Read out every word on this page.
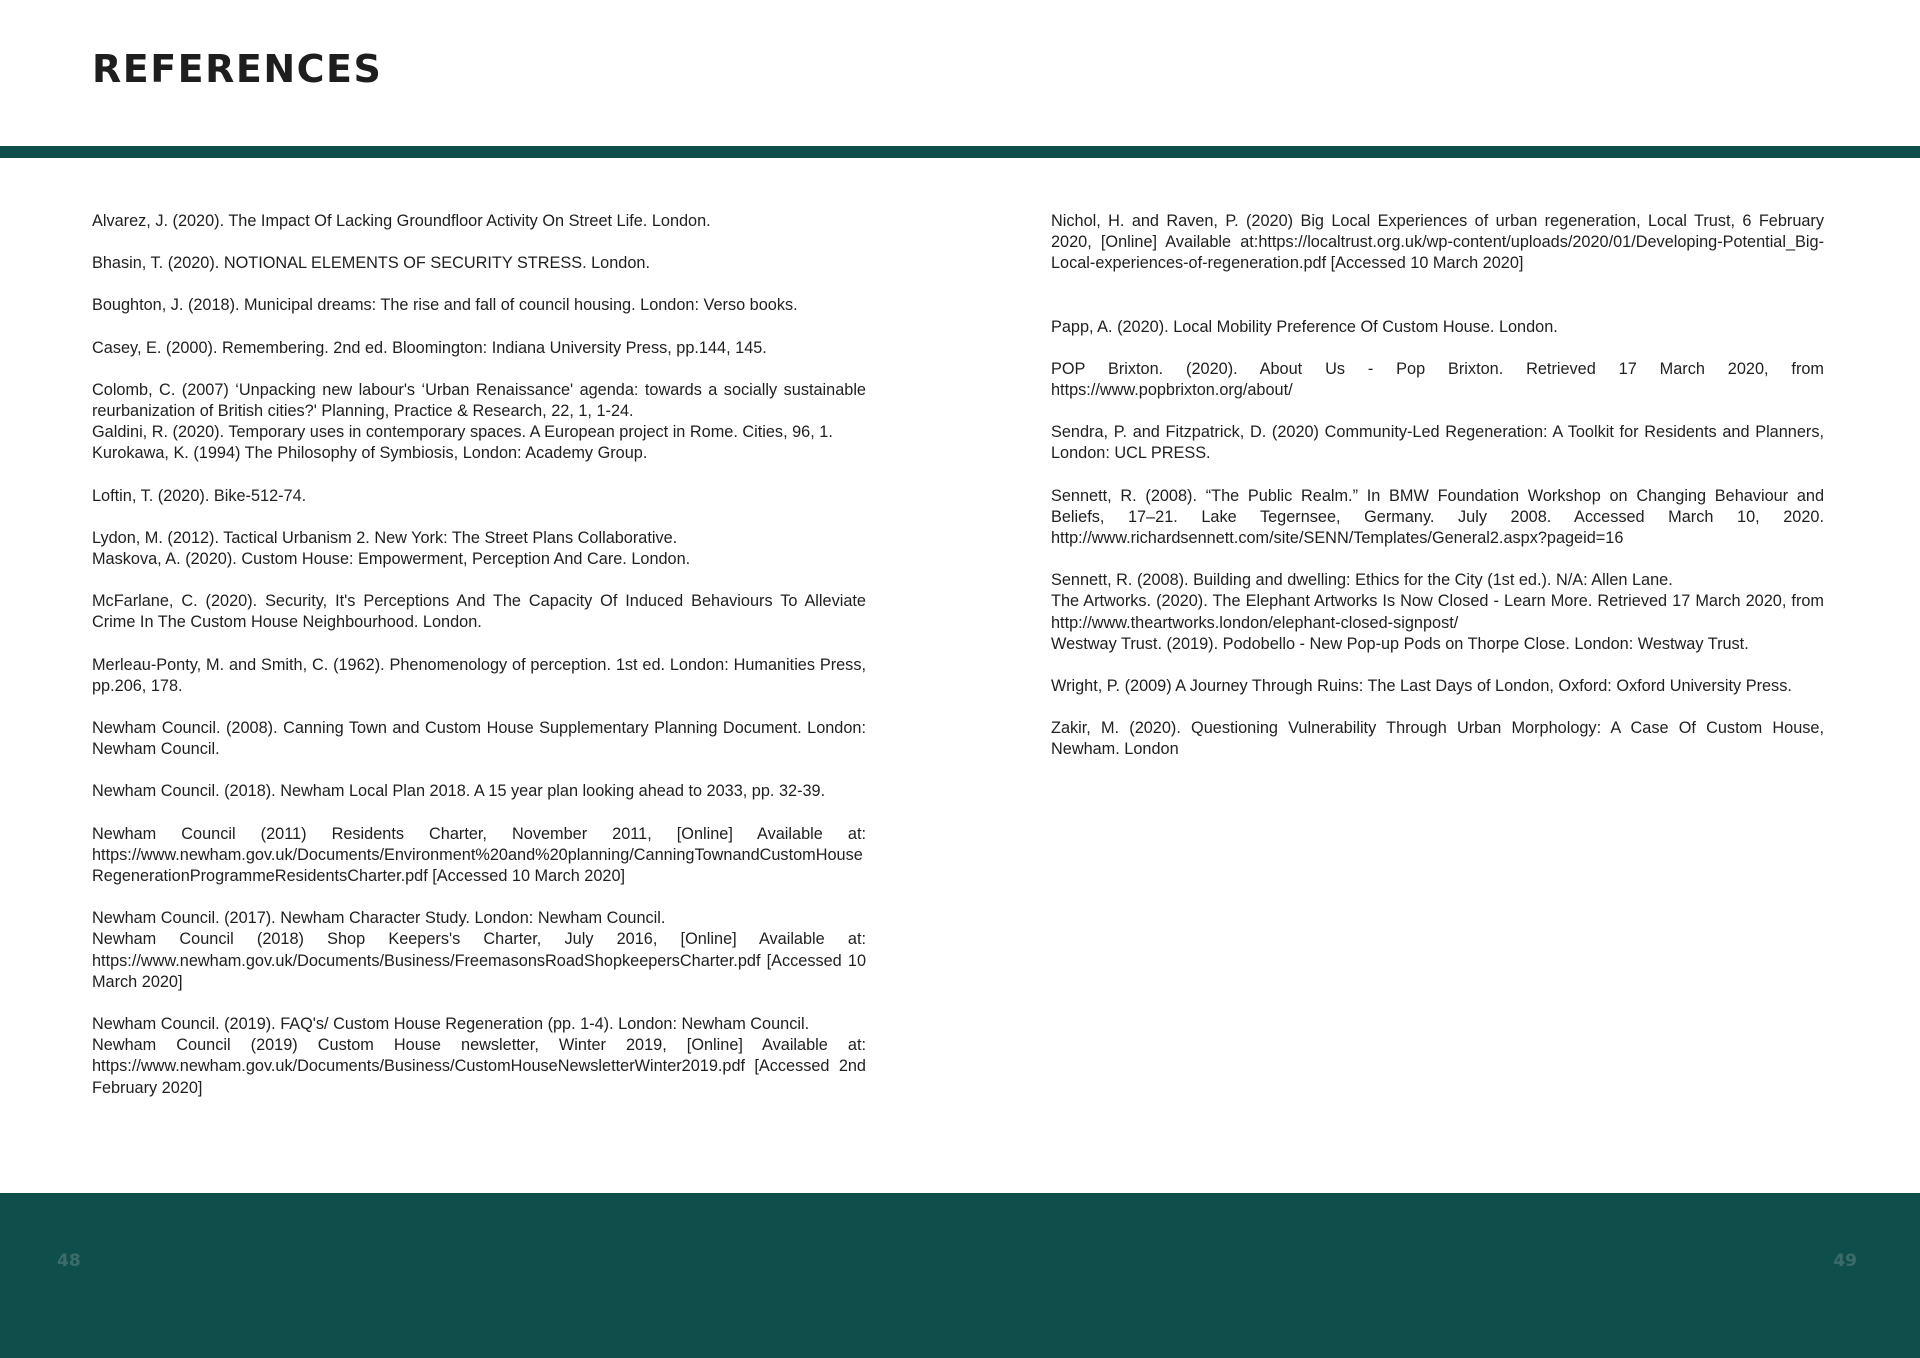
REFERENCES

Alvarez, J. (2020). The Impact Of Lacking Groundfloor Activity On Street Life. London.

Bhasin, T. (2020). NOTIONAL ELEMENTS OF SECURITY STRESS. London.

Boughton, J. (2018). Municipal dreams: The rise and fall of council housing. London: Verso books.

Casey, E. (2000). Remembering. 2nd ed. Bloomington: Indiana University Press, pp.144, 145.

Colomb, C. (2007) ‘Unpacking new labour's ‘Urban Renaissance' agenda: towards a socially sustainable reurbanization of British cities?' Planning, Practice & Research, 22, 1, 1-24.

Galdini, R. (2020). Temporary uses in contemporary spaces. A European project in Rome. Cities, 96, 1.

Kurokawa, K. (1994) The Philosophy of Symbiosis, London: Academy Group.

Loftin, T. (2020). Bike-512-74.

Lydon, M. (2012). Tactical Urbanism 2. New York: The Street Plans Collaborative.

Maskova, A. (2020). Custom House: Empowerment, Perception And Care. London.

McFarlane, C. (2020). Security, It's Perceptions And The Capacity Of Induced Behaviours To Alleviate Crime In The Custom House Neighbourhood. London.

Merleau-Ponty, M. and Smith, C. (1962). Phenomenology of perception. 1st ed. London: Humanities Press, pp.206, 178.

Newham Council. (2008). Canning Town and Custom House Supplementary Planning Document. London: Newham Council.

Newham Council. (2018). Newham Local Plan 2018. A 15 year plan looking ahead to 2033, pp. 32-39.

Newham Council (2011) Residents Charter, November 2011, [Online] Available at: https://www.newham.gov.uk/Documents/Environment%20and%20planning/CanningTownandCustomHouseRegenerationProgrammeResidentsCharter.pdf [Accessed 10 March 2020]

Newham Council. (2017). Newham Character Study. London: Newham Council.

Newham Council (2018) Shop Keepers's Charter, July 2016, [Online] Available at: https://www.newham.gov.uk/Documents/Business/FreemasonsRoadShopkeepersCharter.pdf [Accessed 10 March 2020]

Newham Council. (2019). FAQ's/ Custom House Regeneration (pp. 1-4). London: Newham Council.

Newham Council (2019) Custom House newsletter, Winter 2019, [Online] Available at: https://www.newham.gov.uk/Documents/Business/CustomHouseNewsletterWinter2019.pdf [Accessed 2nd February 2020]

Nichol, H. and Raven, P. (2020) Big Local Experiences of urban regeneration, Local Trust, 6 February 2020, [Online] Available at:https://localtrust.org.uk/wp-content/uploads/2020/01/Developing-Potential_Big-Local-experiences-of-regeneration.pdf [Accessed 10 March 2020]

Papp, A. (2020). Local Mobility Preference Of Custom House. London.

POP Brixton. (2020). About Us - Pop Brixton. Retrieved 17 March 2020, from https://www.popbrixton.org/about/

Sendra, P. and Fitzpatrick, D. (2020) Community-Led Regeneration: A Toolkit for Residents and Planners, London: UCL PRESS.

Sennett, R. (2008). “The Public Realm.” In BMW Foundation Workshop on Changing Behaviour and Beliefs, 17–21. Lake Tegernsee, Germany. July 2008. Accessed March 10, 2020. http://www.richardsennett.com/site/SENN/Templates/General2.aspx?pageid=16

Sennett, R. (2008). Building and dwelling: Ethics for the City (1st ed.). N/A: Allen Lane.

The Artworks. (2020). The Elephant Artworks Is Now Closed - Learn More. Retrieved 17 March 2020, from http://www.theartworks.london/elephant-closed-signpost/

Westway Trust. (2019). Podobello - New Pop-up Pods on Thorpe Close. London: Westway Trust.

Wright, P. (2009) A Journey Through Ruins: The Last Days of London, Oxford: Oxford University Press.

Zakir, M. (2020). Questioning Vulnerability Through Urban Morphology: A Case Of Custom House, Newham. London

48	49
